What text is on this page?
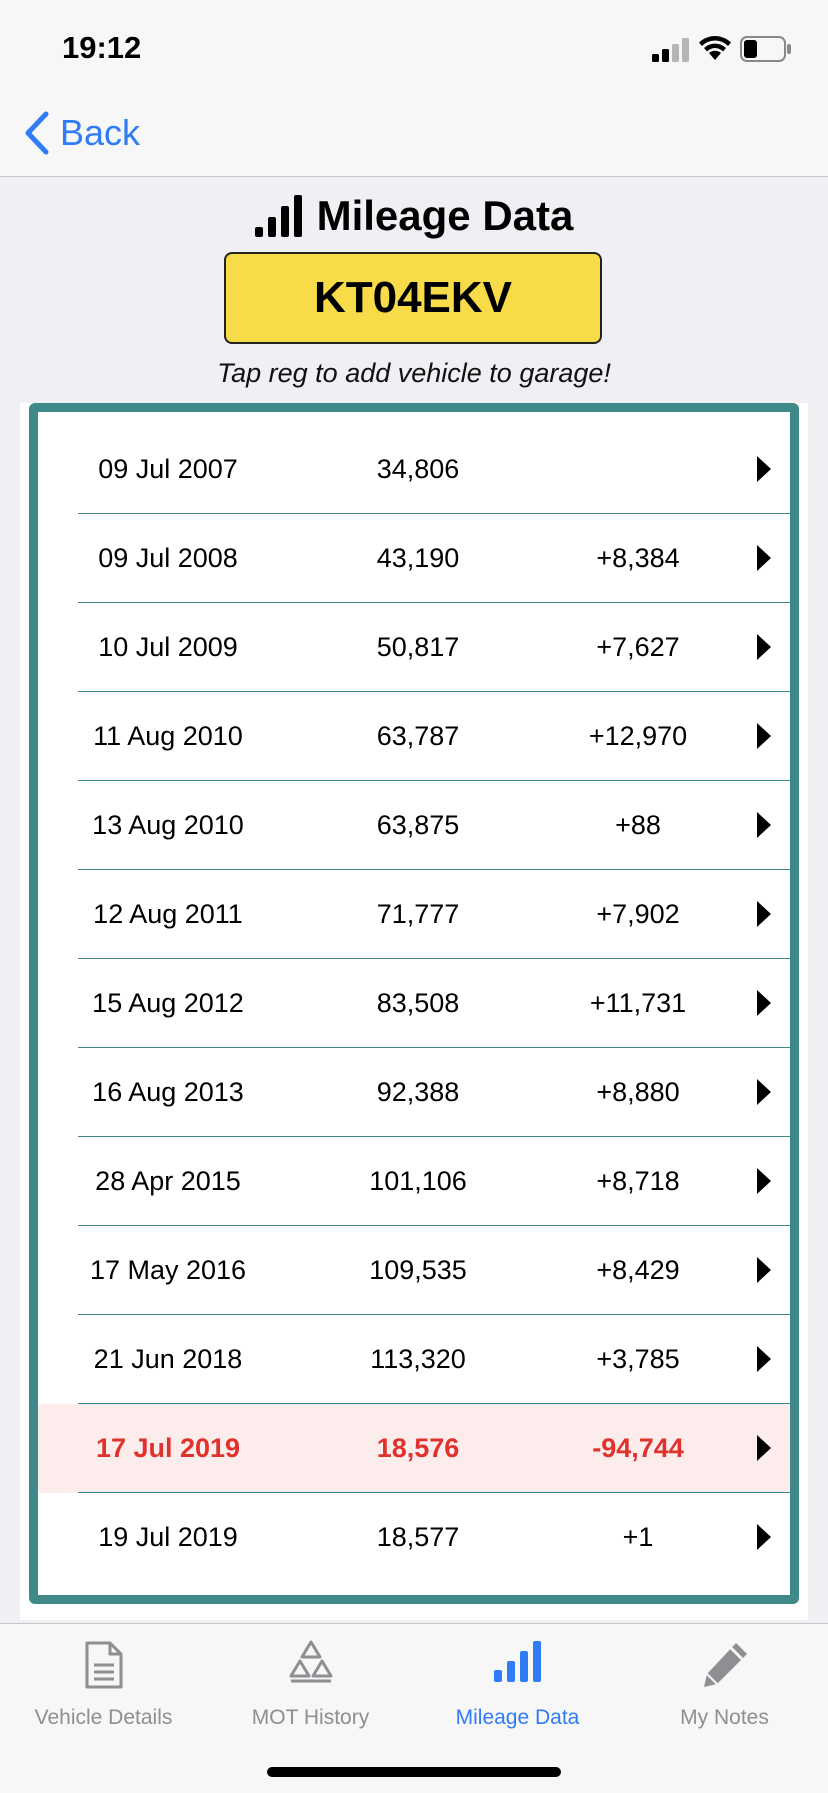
19:12
Back
Mileage Data
KT04EKV
Tap reg to add vehicle to garage!
09 Jul 2007	34,806
09 Jul 2008	43,190	+8,384
10 Jul 2009	50,817	+7,627
11 Aug 2010	63,787	+12,970
13 Aug 2010	63,875	+88
12 Aug 2011	71,777	+7,902
15 Aug 2012	83,508	+11,731
16 Aug 2013	92,388	+8,880
28 Apr 2015	101,106	+8,718
17 May 2016	109,535	+8,429
21 Jun 2018	113,320	+3,785
17 Jul 2019	18,576	-94,744
19 Jul 2019	18,577	+1
Vehicle Details	MOT History	Mileage Data	My Notes
